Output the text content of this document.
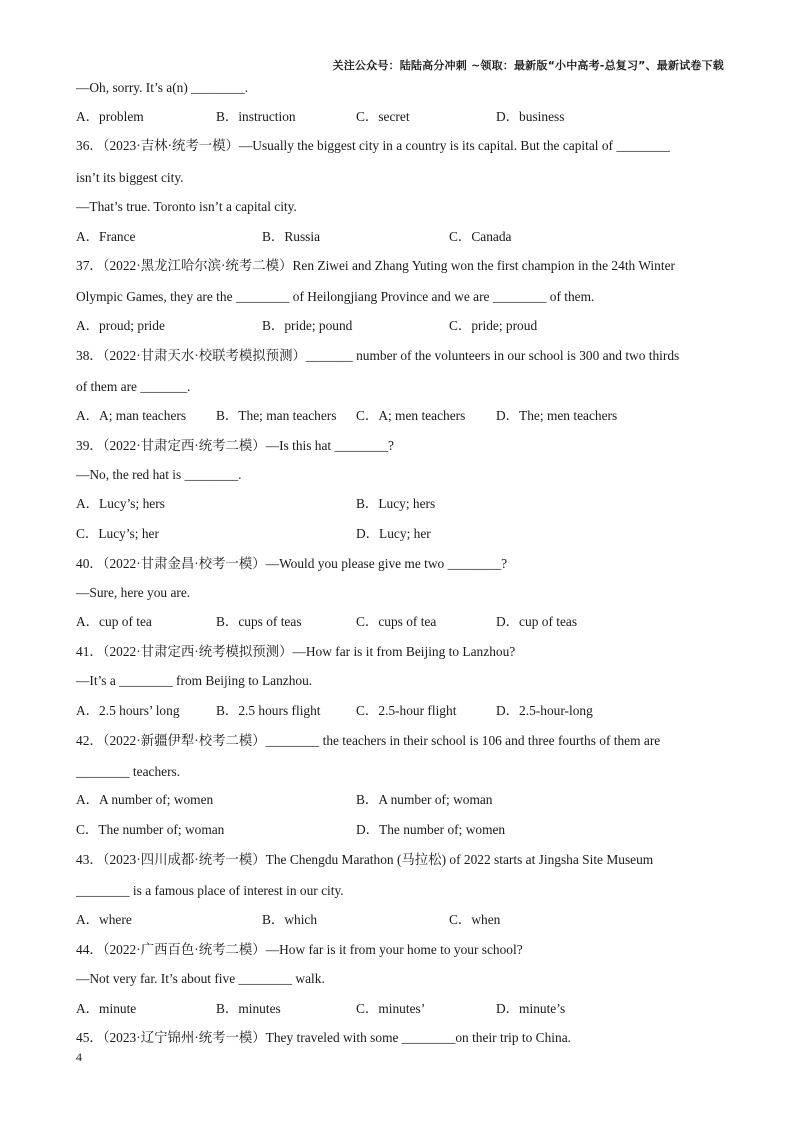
关注公众号：陆陆高分冲刺 ~领取：最新版“小中高考-总复习”、最新试卷下载
—Oh, sorry. It’s a(n) ________.
A．problem	B．instruction	C．secret	D．business
36．（2023·吉林·统考一模）—Usually the biggest city in a country is its capital. But the capital of ________
isn’t its biggest city.
—That’s true. Toronto isn’t a capital city.
A．France	B．Russia	C．Canada
37．（2022·黑龙江哈尔滨·统考二模）Ren Ziwei and Zhang Yuting won the first champion in the 24th Winter
Olympic Games, they are the ________ of Heilongjiang Province and we are ________ of them.
A．proud; pride	B．pride; pound	C．pride; proud
38．（2022·甘肃天水·校联考模拟预测）_______ number of the volunteers in our school is 300 and two thirds
of them are _______.
A．A; man teachers B．The; man teachers C．A; men teachers D．The; men teachers
39．（2022·甘肃定西·统考二模）—Is this hat ________?
—No, the red hat is ________.
A．Lucy’s; hers	B．Lucy; hers
C．Lucy’s; her	D．Lucy; her
40．（2022·甘肃金昌·校考一模）—Would you please give me two ________?
—Sure, here you are.
A．cup of tea	B．cups of teas	C．cups of tea	D．cup of teas
41．（2022·甘肃定西·统考模拟预测）—How far is it from Beijing to Lanzhou?
—It’s a ________ from Beijing to Lanzhou.
A．2.5 hours’ long	B．2.5 hours flight	C．2.5-hour flight	D．2.5-hour-long
42．（2022·新疆伊犁·校考二模）________ the teachers in their school is 106 and three fourths of them are
________ teachers.
A．A number of; women	B．A number of; woman
C．The number of; woman	D．The number of; women
43．（2023·四川成都·统考一模）The Chengdu Marathon (马拉松) of 2022 starts at Jingsha Site Museum
________ is a famous place of interest in our city.
A．where	B．which	C．when
44．（2022·广西百色·统考二模）—How far is it from your home to your school?
—Not very far. It’s about five ________ walk.
A．minute	B．minutes	C．minutes’	D．minute’s
45．（2023·辽宁锦州·统考一模）They traveled with some ________on their trip to China.
4
